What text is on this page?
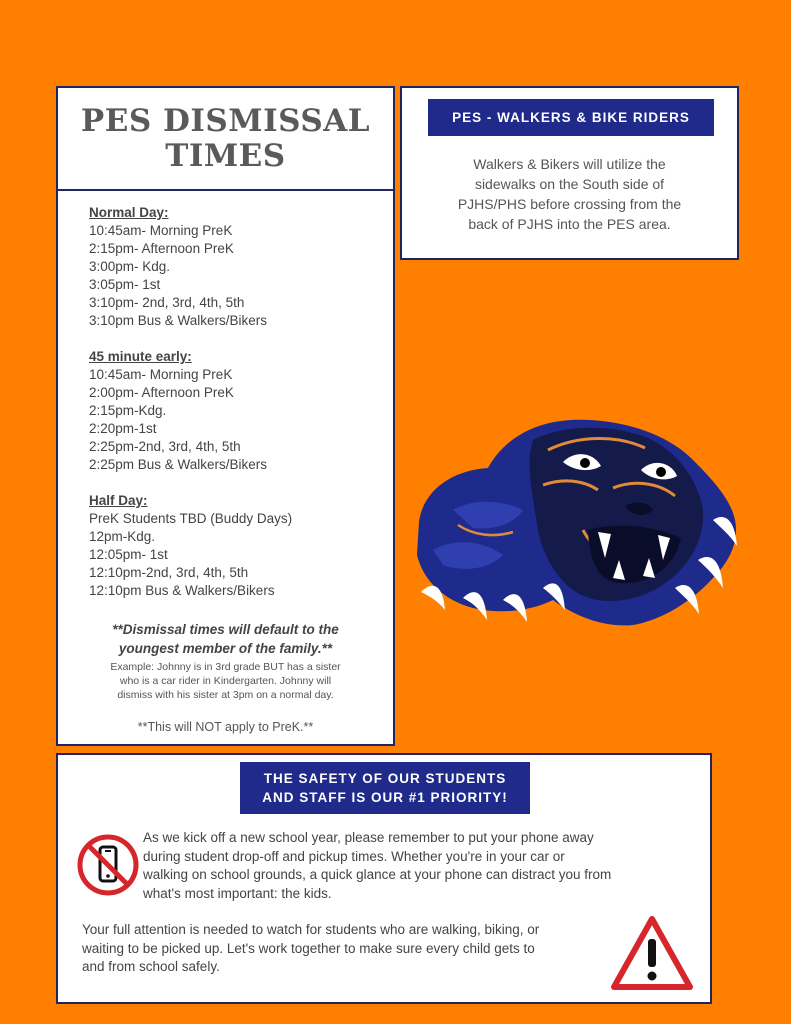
PES DISMISSAL
TIMES
Normal Day:
10:45am- Morning PreK
2:15pm- Afternoon PreK
3:00pm- Kdg.
3:05pm- 1st
3:10pm- 2nd, 3rd, 4th, 5th
3:10pm Bus & Walkers/Bikers
45 minute early:
10:45am- Morning PreK
2:00pm- Afternoon PreK
2:15pm-Kdg.
2:20pm-1st
2:25pm-2nd, 3rd, 4th, 5th
2:25pm Bus & Walkers/Bikers
Half Day:
PreK Students TBD (Buddy Days)
12pm-Kdg.
12:05pm- 1st
12:10pm-2nd, 3rd, 4th, 5th
12:10pm Bus & Walkers/Bikers
**Dismissal times will default to the
youngest member of the family.**
Example: Johnny is in 3rd grade BUT has a sister
who is a car rider in Kindergarten. Johnny will
dismiss with his sister at 3pm on a normal day.
**This will NOT apply to PreK.**
PES - WALKERS & BIKE RIDERS
Walkers & Bikers will utilize the
sidewalks on the South side of
PJHS/PHS before crossing from the
back of PJHS into the PES area.
THE SAFETY OF OUR STUDENTS
AND STAFF IS OUR #1 PRIORITY!
As we kick off a new school year, please remember to put your phone away
during student drop-off and pickup times. Whether you're in your car or
walking on school grounds, a quick glance at your phone can distract you from
what's most important: the kids.
Your full attention is needed to watch for students who are walking, biking, or
waiting to be picked up. Let's work together to make sure every child gets to
and from school safely.
